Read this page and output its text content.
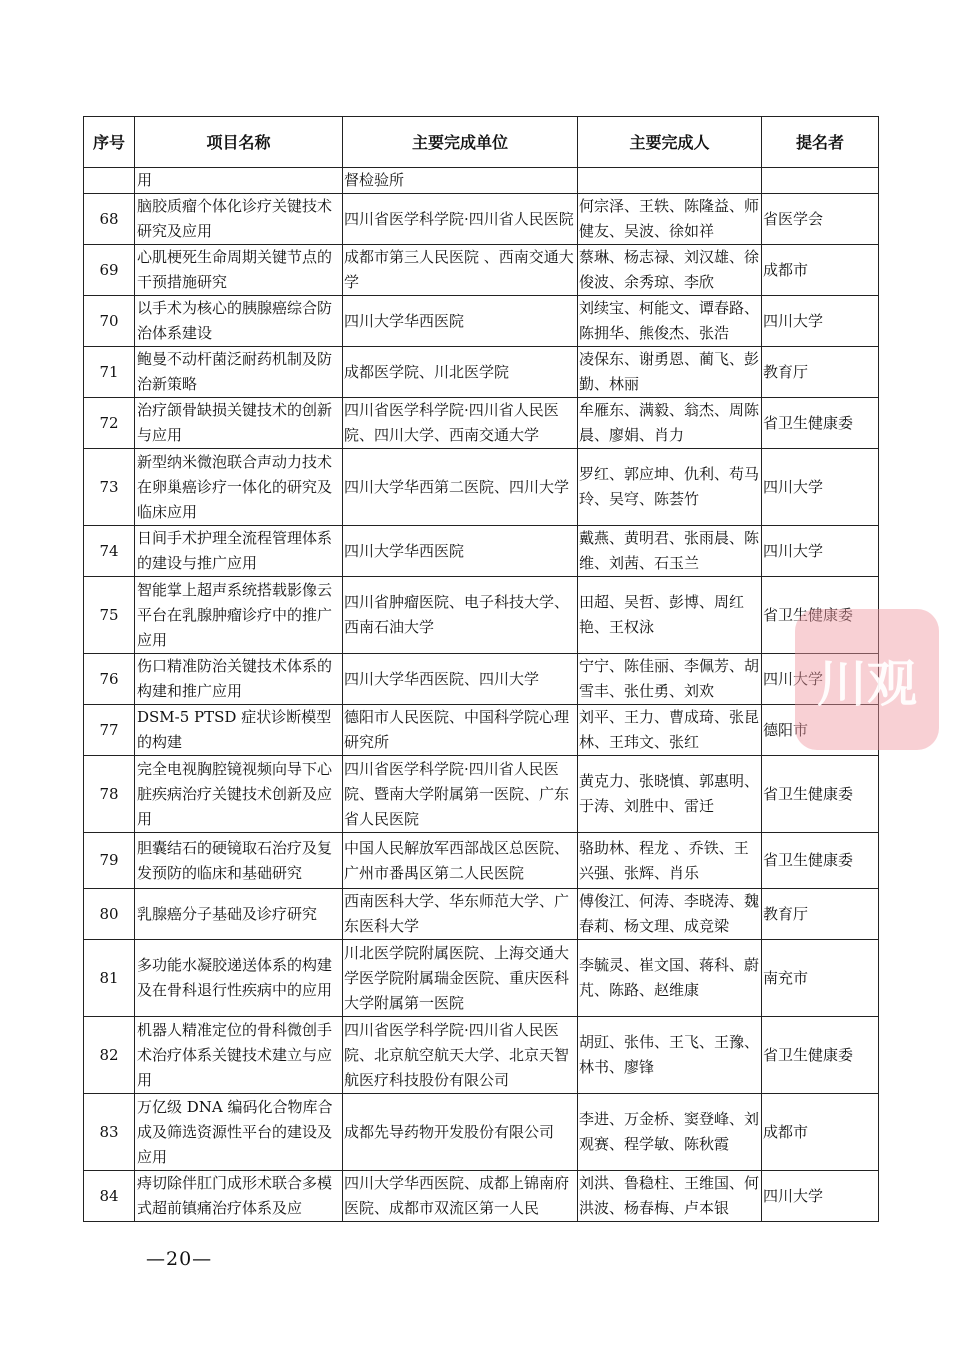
序号	项目名称	主要完成单位	主要完成人	提名者
	用	督检验所		
68	脑胶质瘤个体化诊疗关键技术研究及应用	四川省医学科学院·四川省人民医院	何宗泽、王轶、陈隆益、师健友、吴波、徐如祥	省医学会
69	心肌梗死生命周期关键节点的干预措施研究	成都市第三人民医院 、西南交通大学	蔡琳、杨志禄、刘汉雄、徐俊波、余秀琼、李欣	成都市
70	以手术为核心的胰腺癌综合防治体系建设	四川大学华西医院	刘续宝、柯能文、谭春路、陈拥华、熊俊杰、张浩	四川大学
71	鲍曼不动杆菌泛耐药机制及防治新策略	成都医学院、川北医学院	凌保东、谢勇恩、蔺飞、彭勤、林丽	教育厅
72	治疗颌骨缺损关键技术的创新与应用	四川省医学科学院·四川省人民医院、四川大学、西南交通大学	牟雁东、满毅、翁杰、周陈晨、廖娟、肖力	省卫生健康委
73	新型纳米微泡联合声动力技术在卵巢癌诊疗一体化的研究及临床应用	四川大学华西第二医院、四川大学	罗红、郭应坤、仇利、苟马玲、吴穹、陈荟竹	四川大学
74	日间手术护理全流程管理体系的建设与推广应用	四川大学华西医院	戴燕、黄明君、张雨晨、陈维、刘茜、石玉兰	四川大学
75	智能掌上超声系统搭载影像云平台在乳腺肿瘤诊疗中的推广应用	四川省肿瘤医院、电子科技大学、西南石油大学	田超、吴哲、彭博、周红艳、王权泳	省卫生健康委
76	伤口精准防治关键技术体系的构建和推广应用	四川大学华西医院、四川大学	宁宁、陈佳丽、李佩芳、胡雪丰、张仕勇、刘欢	四川大学
77	DSM-5 PTSD 症状诊断模型的构建	德阳市人民医院、中国科学院心理研究所	刘平、王力、曹成琦、张昆林、王玮文、张红	德阳市
78	完全电视胸腔镜视频向导下心脏疾病治疗关键技术创新及应用	四川省医学科学院·四川省人民医院、暨南大学附属第一医院、广东省人民医院	黄克力、张晓慎、郭惠明、于涛、刘胜中、雷迁	省卫生健康委
79	胆囊结石的硬镜取石治疗及复发预防的临床和基础研究	中国人民解放军西部战区总医院、广州市番禺区第二人民医院	骆助林、程龙 、乔铁、王兴强、张辉、肖乐	省卫生健康委
80	乳腺癌分子基础及诊疗研究	西南医科大学、华东师范大学、广东医科大学	傅俊江、何涛、李晓涛、魏春莉、杨文理、成竞梁	教育厅
81	多功能水凝胶递送体系的构建及在骨科退行性疾病中的应用	川北医学院附属医院、上海交通大学医学院附属瑞金医院、重庆医科大学附属第一医院	李毓灵、崔文国、蒋科、蔚芃、陈路、赵维康	南充市
82	机器人精准定位的骨科微创手术治疗体系关键技术建立与应用	四川省医学科学院·四川省人民医院、北京航空航天大学、北京天智航医疗科技股份有限公司	胡豇、张伟、王飞、王豫、林书、廖锋	省卫生健康委
83	万亿级 DNA 编码化合物库合成及筛选资源性平台的建设及应用	成都先导药物开发股份有限公司	李进、万金桥、窦登峰、刘观赛、程学敏、陈秋霞	成都市
84	痔切除伴肛门成形术联合多模式超前镇痛治疗体系及应	四川大学华西医院、成都上锦南府医院、成都市双流区第一人民	刘洪、鲁稳柱、王维国、何洪波、杨春梅、卢本银	四川大学
川观
—20—
